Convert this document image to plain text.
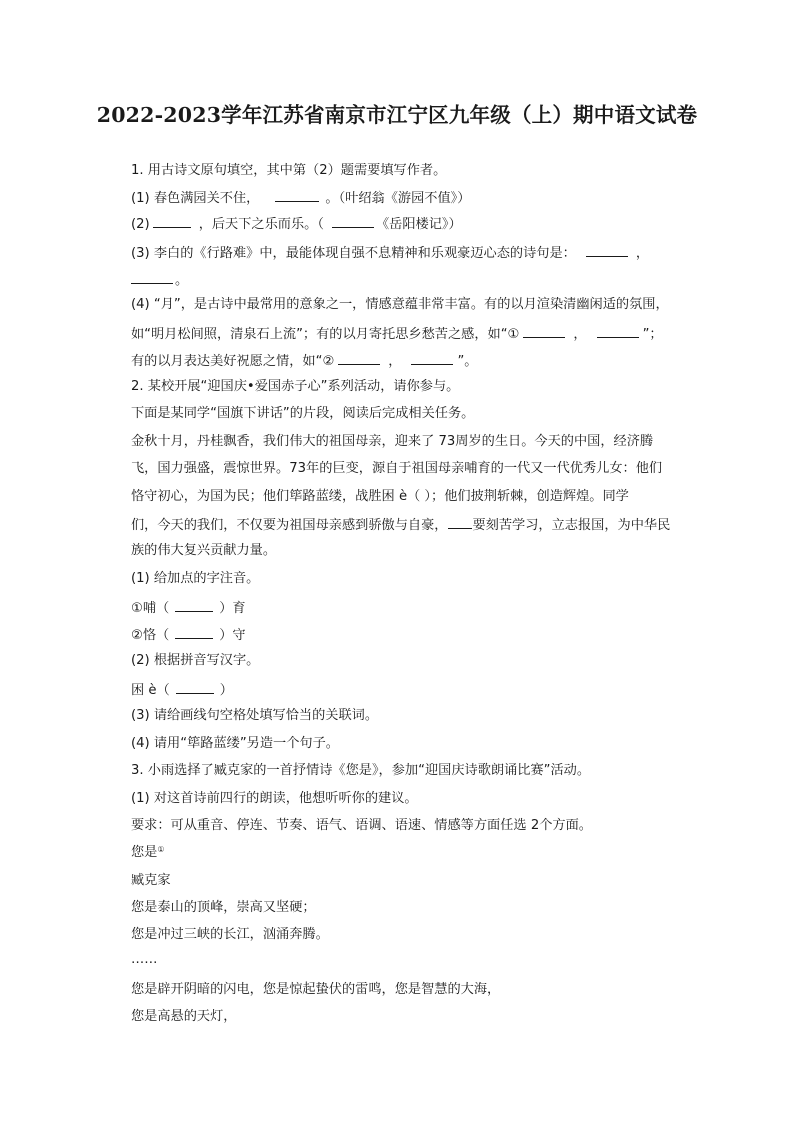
2022-2023学年江苏省南京市江宁区九年级（上）期中语文试卷
1. 用古诗文原句填空，其中第（2）题需要填写作者。
(1) 春色满园关不住，	。（叶绍翁《游园不值》）
(2)	，后天下之乐而乐。（	《岳阳楼记》）
(3) 李白的《行路难》中，最能体现自强不息精神和乐观豪迈心态的诗句是：	，
。
(4) “月”，是古诗中最常用的意象之一，情感意蕴非常丰富。有的以月渲染清幽闲适的氛围，
如“明月松间照，清泉石上流”；有的以月寄托思乡愁苦之感，如“①	，	”；
有的以月表达美好祝愿之情，如“②	，	”。
2. 某校开展“迎国庆•爱国赤子心”系列活动，请你参与。
下面是某同学“国旗下讲话”的片段，阅读后完成相关任务。
金秋十月，丹桂飘香，我们伟大的祖国母亲，迎来了 73周岁的生日。今天的中国，经济腾
飞，国力强盛，震惊世界。73年的巨变，源自于祖国母亲哺育的一代又一代优秀儿女：他们
恪守初心，为国为民；他们筚路蓝缕，战胜困 è（ ）；他们披荆斩棘，创造辉煌。同学
们，今天的我们，不仅要为祖国母亲感到骄傲与自豪， 要刻苦学习，立志报国，为中华民
族的伟大复兴贡献力量。
(1) 给加点的字注音。
①哺（	）育
②恪（	）守
(2) 根据拼音写汉字。
困 è（	）
(3) 请给画线句空格处填写恰当的关联词。
(4) 请用“筚路蓝缕”另造一个句子。
3. 小雨选择了臧克家的一首抒情诗《您是》，参加“迎国庆诗歌朗诵比赛”活动。
(1) 对这首诗前四行的朗读，他想听听你的建议。
要求：可从重音、停连、节奏、语气、语调、语速、情感等方面任选 2个方面。
您是①
臧克家
您是泰山的顶峰，崇高又坚硬；
您是冲过三峡的长江，汹涌奔腾。
……
您是辟开阴暗的闪电，您是惊起蛰伏的雷鸣，您是智慧的大海，
您是高悬的天灯，
